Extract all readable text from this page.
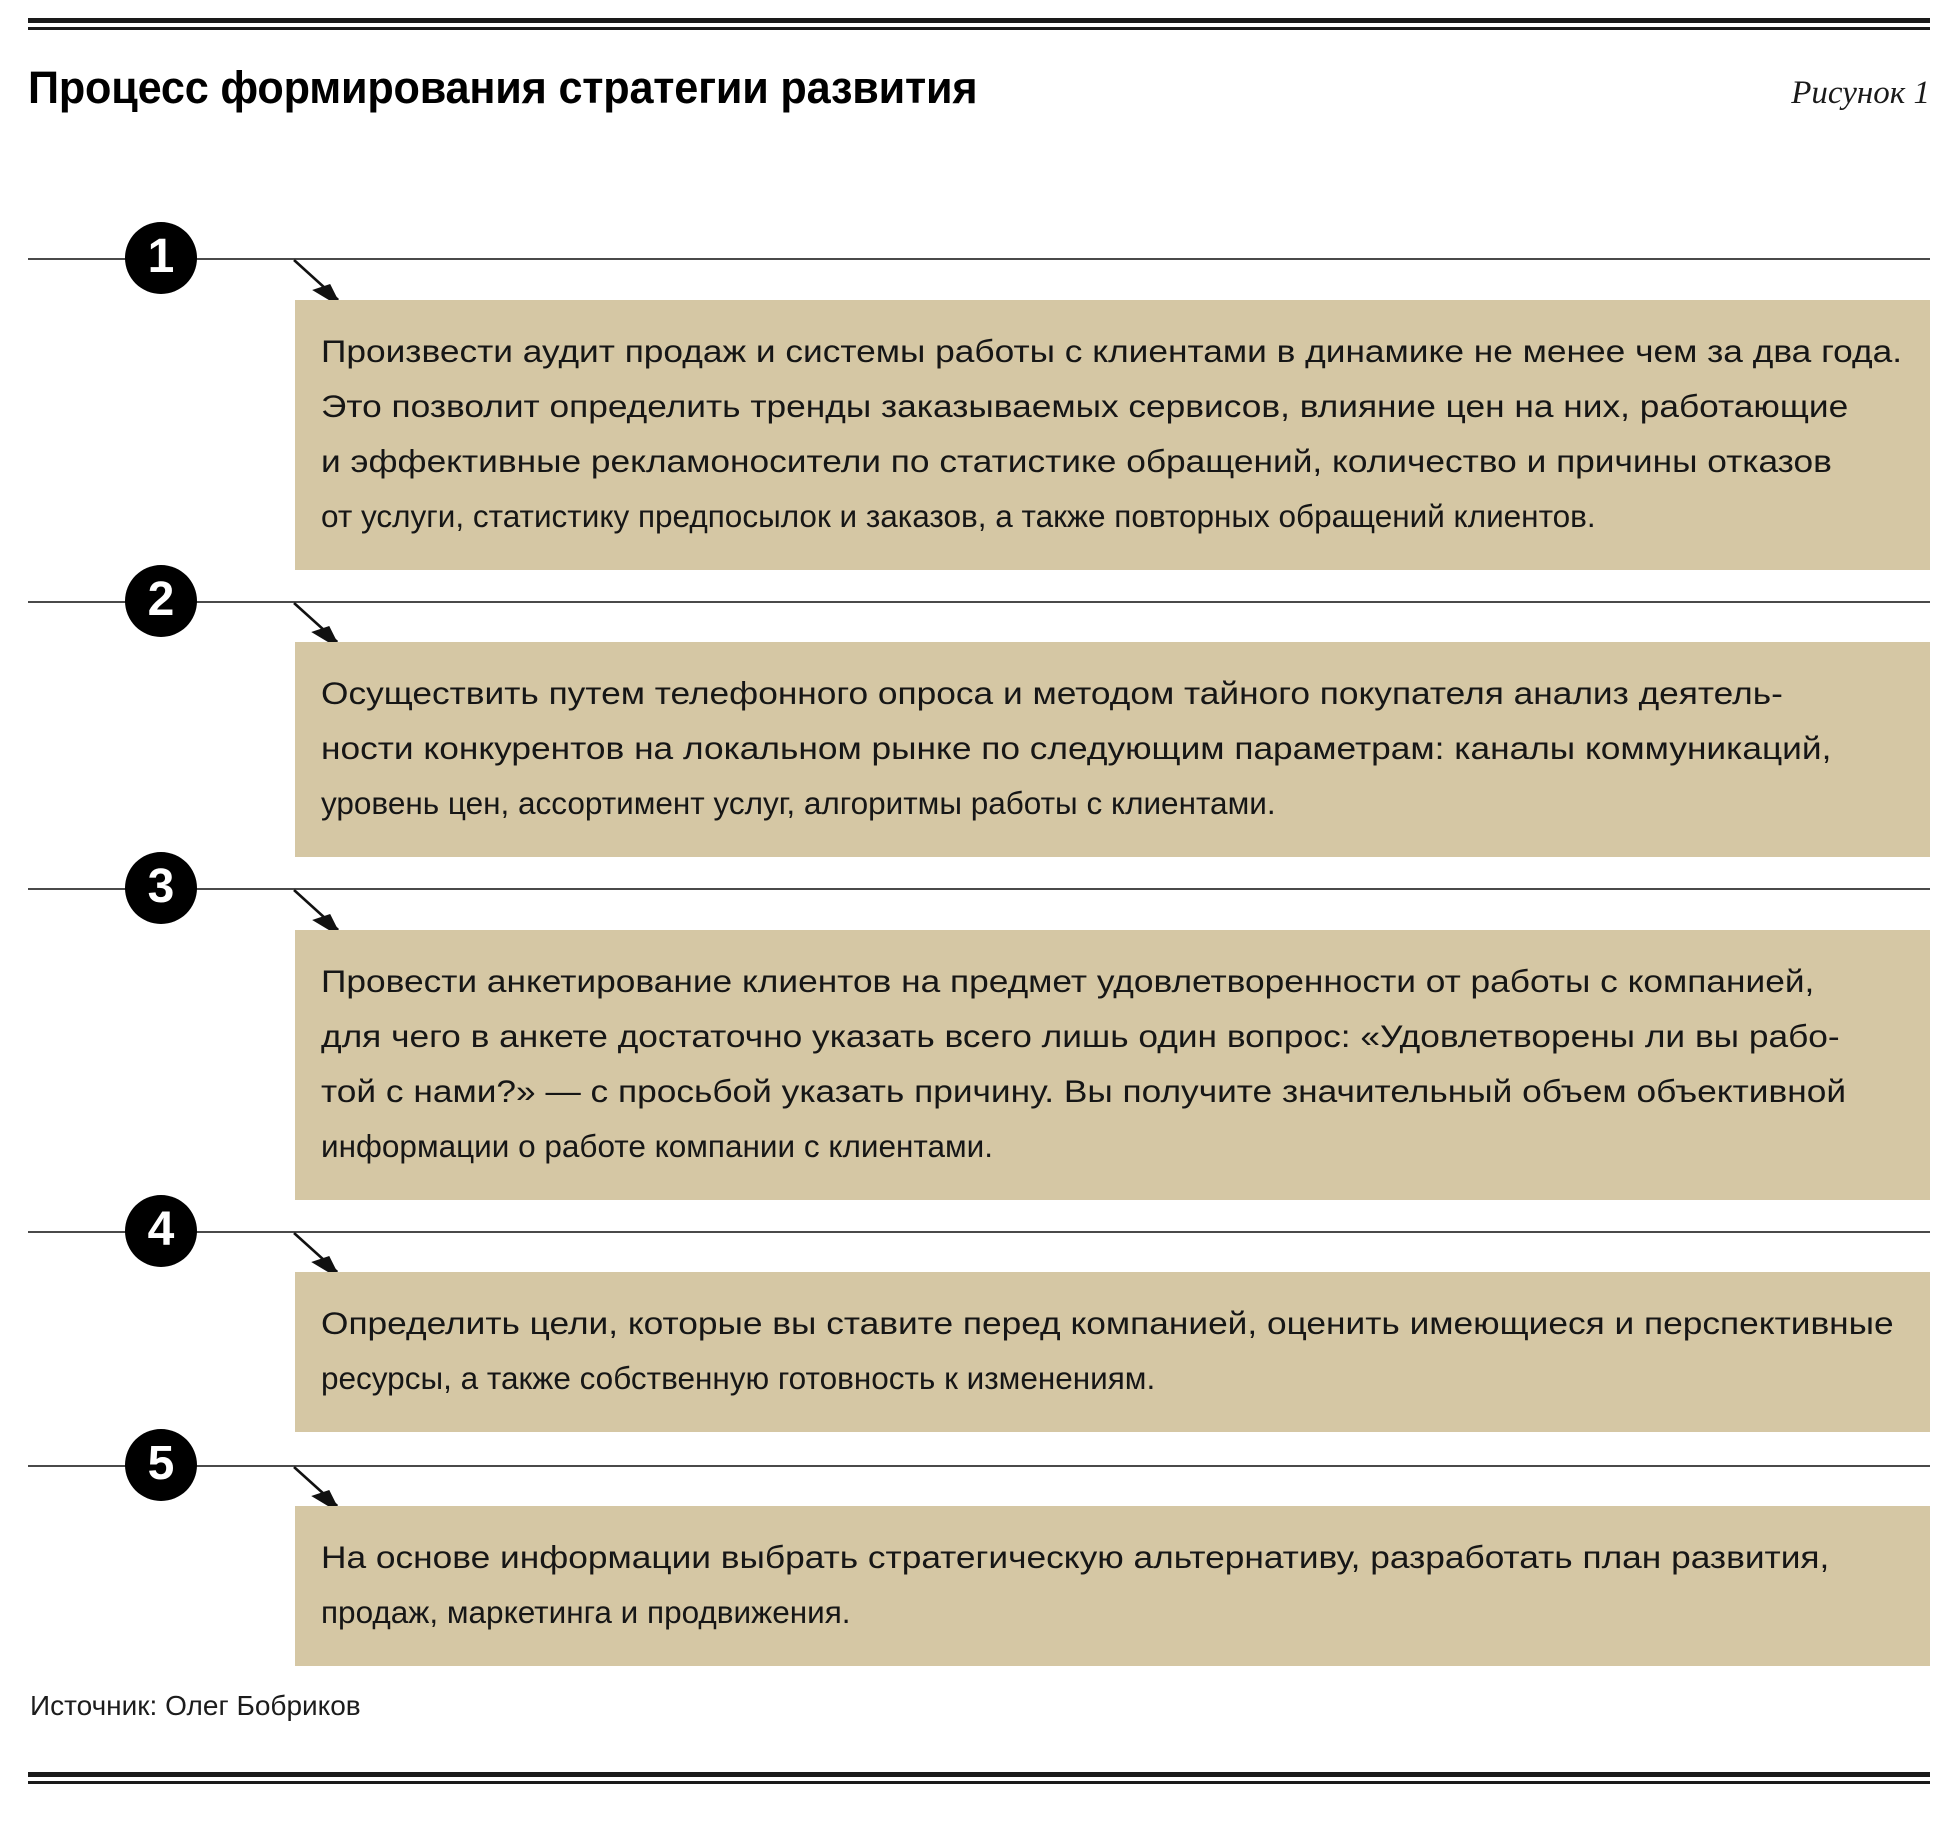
Процесс формирования стратегии развития	Рисунок 1
1
Произвести аудит продаж и системы работы с клиентами в динамике не менее чем за два года.
Это позволит определить тренды заказываемых сервисов, влияние цен на них, работающие
и эффективные рекламоносители по статистике обращений, количество и причины отказов
от услуги, статистику предпосылок и заказов, а также повторных обращений клиентов.
2
Осуществить путем телефонного опроса и методом тайного покупателя анализ деятель-
ности конкурентов на локальном рынке по следующим параметрам: каналы коммуникаций,
уровень цен, ассортимент услуг, алгоритмы работы с клиентами.
3
Провести анкетирование клиентов на предмет удовлетворенности от работы с компанией,
для чего в анкете достаточно указать всего лишь один вопрос: «Удовлетворены ли вы рабо-
той с нами?» — с просьбой указать причину. Вы получите значительный объем объективной
информации о работе компании с клиентами.
4
Определить цели, которые вы ставите перед компанией, оценить имеющиеся и перспективные
ресурсы, а также собственную готовность к изменениям.
5
На основе информации выбрать стратегическую альтернативу, разработать план развития,
продаж, маркетинга и продвижения.
Источник: Олег Бобриков
